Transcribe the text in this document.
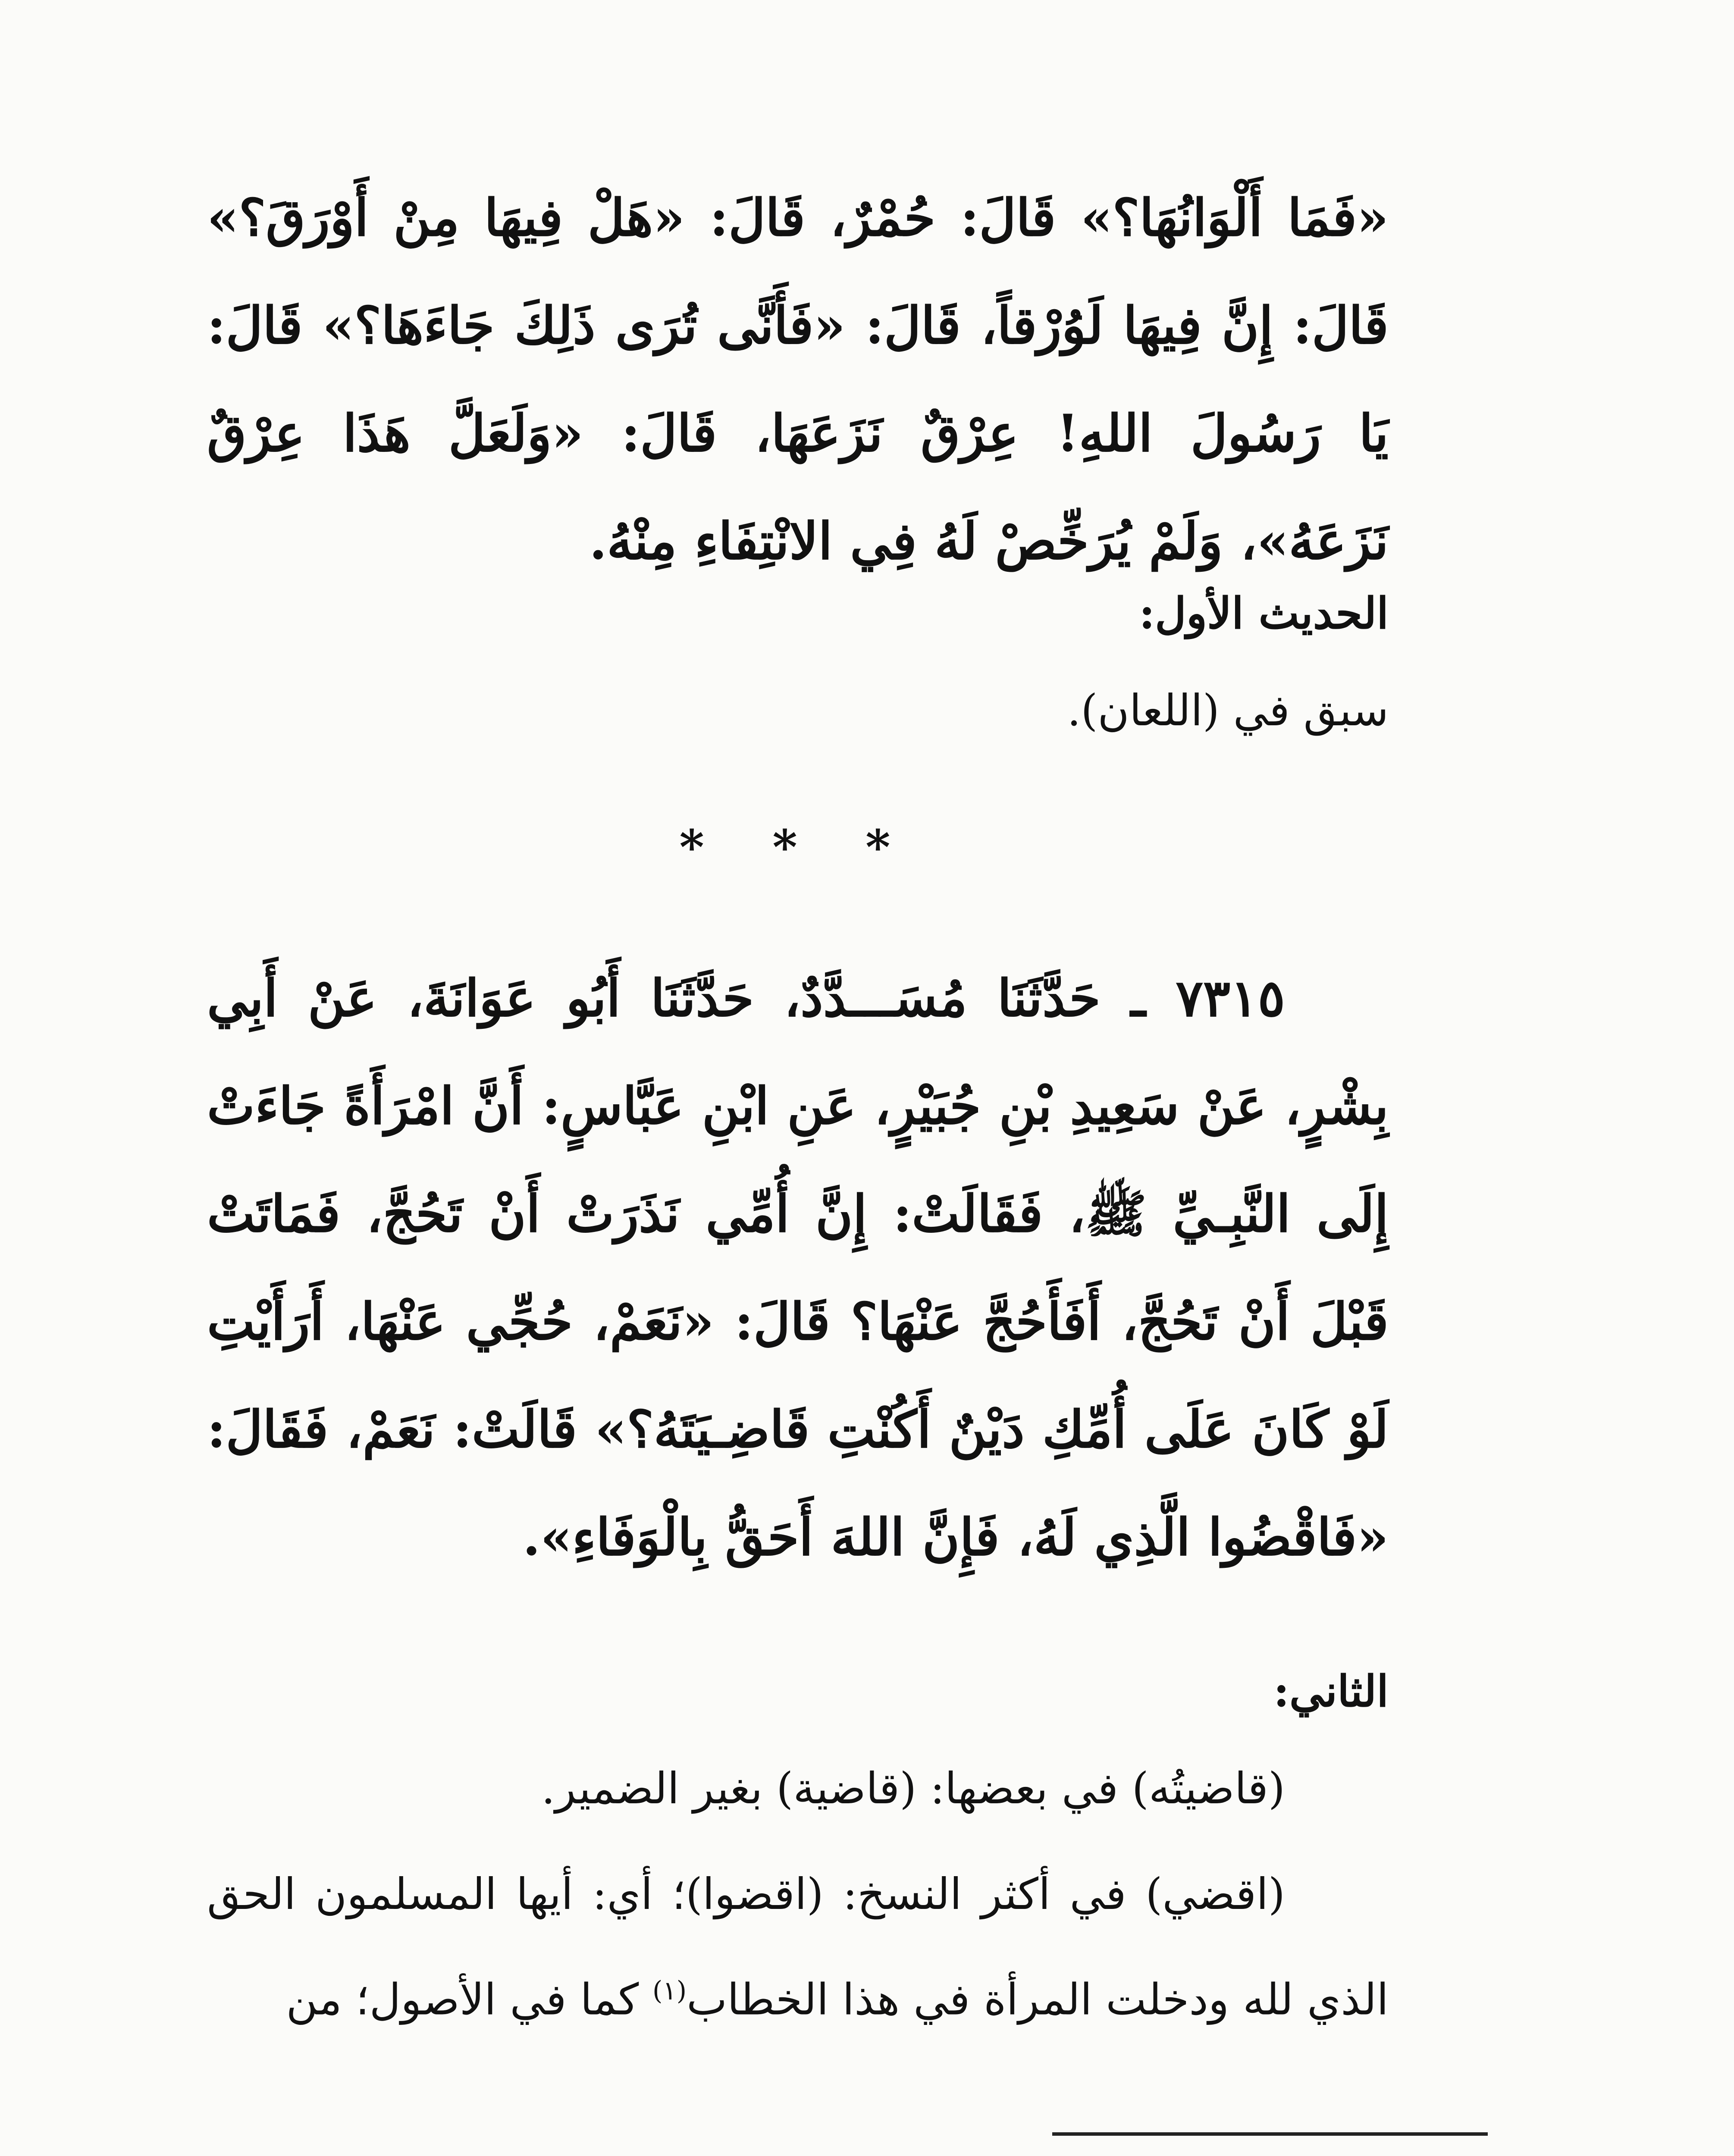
«فَمَا أَلْوَانُهَا؟» قَالَ: حُمْرٌ، قَالَ: «هَلْ فِيهَا مِنْ أَوْرَقَ؟» قَالَ: إِنَّ فِيهَا لَوُرْقاً، قَالَ: «فَأَنَّى تُرَى ذَلِكَ جَاءَهَا؟» قَالَ: يَا رَسُولَ اللهِ! عِرْقٌ نَزَعَهَا، قَالَ: «وَلَعَلَّ هَذَا عِرْقٌ نَزَعَهُ»، وَلَمْ يُرَخِّصْ لَهُ فِي الانْتِفَاءِ مِنْهُ.

الحديث الأول:
سبق في (اللعان).
* * *

٧٣١٥ ـ حَدَّثَنَا مُسَـــدَّدٌ، حَدَّثَنَا أَبُو عَوَانَةَ، عَنْ أَبِي بِشْرٍ، عَنْ سَعِيدِ بْنِ جُبَيْرٍ، عَنِ ابْنِ عَبَّاسٍ: أَنَّ امْرَأَةً جَاءَتْ إِلَى النَّبِـيِّ ﷺ، فَقَالَتْ: إِنَّ أُمِّي نَذَرَتْ أَنْ تَحُجَّ، فَمَاتَتْ قَبْلَ أَنْ تَحُجَّ، أَفَأَحُجَّ عَنْهَا؟ قَالَ: «نَعَمْ، حُجِّي عَنْهَا، أَرَأَيْتِ لَوْ كَانَ عَلَى أُمِّكِ دَيْنٌ أَكُنْتِ قَاضِـيَتَهُ؟» قَالَتْ: نَعَمْ، فَقَالَ: «فَاقْضُوا الَّذِي لَهُ، فَإِنَّ اللهَ أَحَقُّ بِالْوَفَاءِ».

الثاني:
(قاضيتُه) في بعضها: (قاضية) بغير الضمير.

(اقضي) في أكثر النسخ: (اقضوا)؛ أي: أيها المسلمون الحق الذي لله ودخلت المرأة في هذا الخطاب$^{(١)}$ كما في الأصول؛ من
